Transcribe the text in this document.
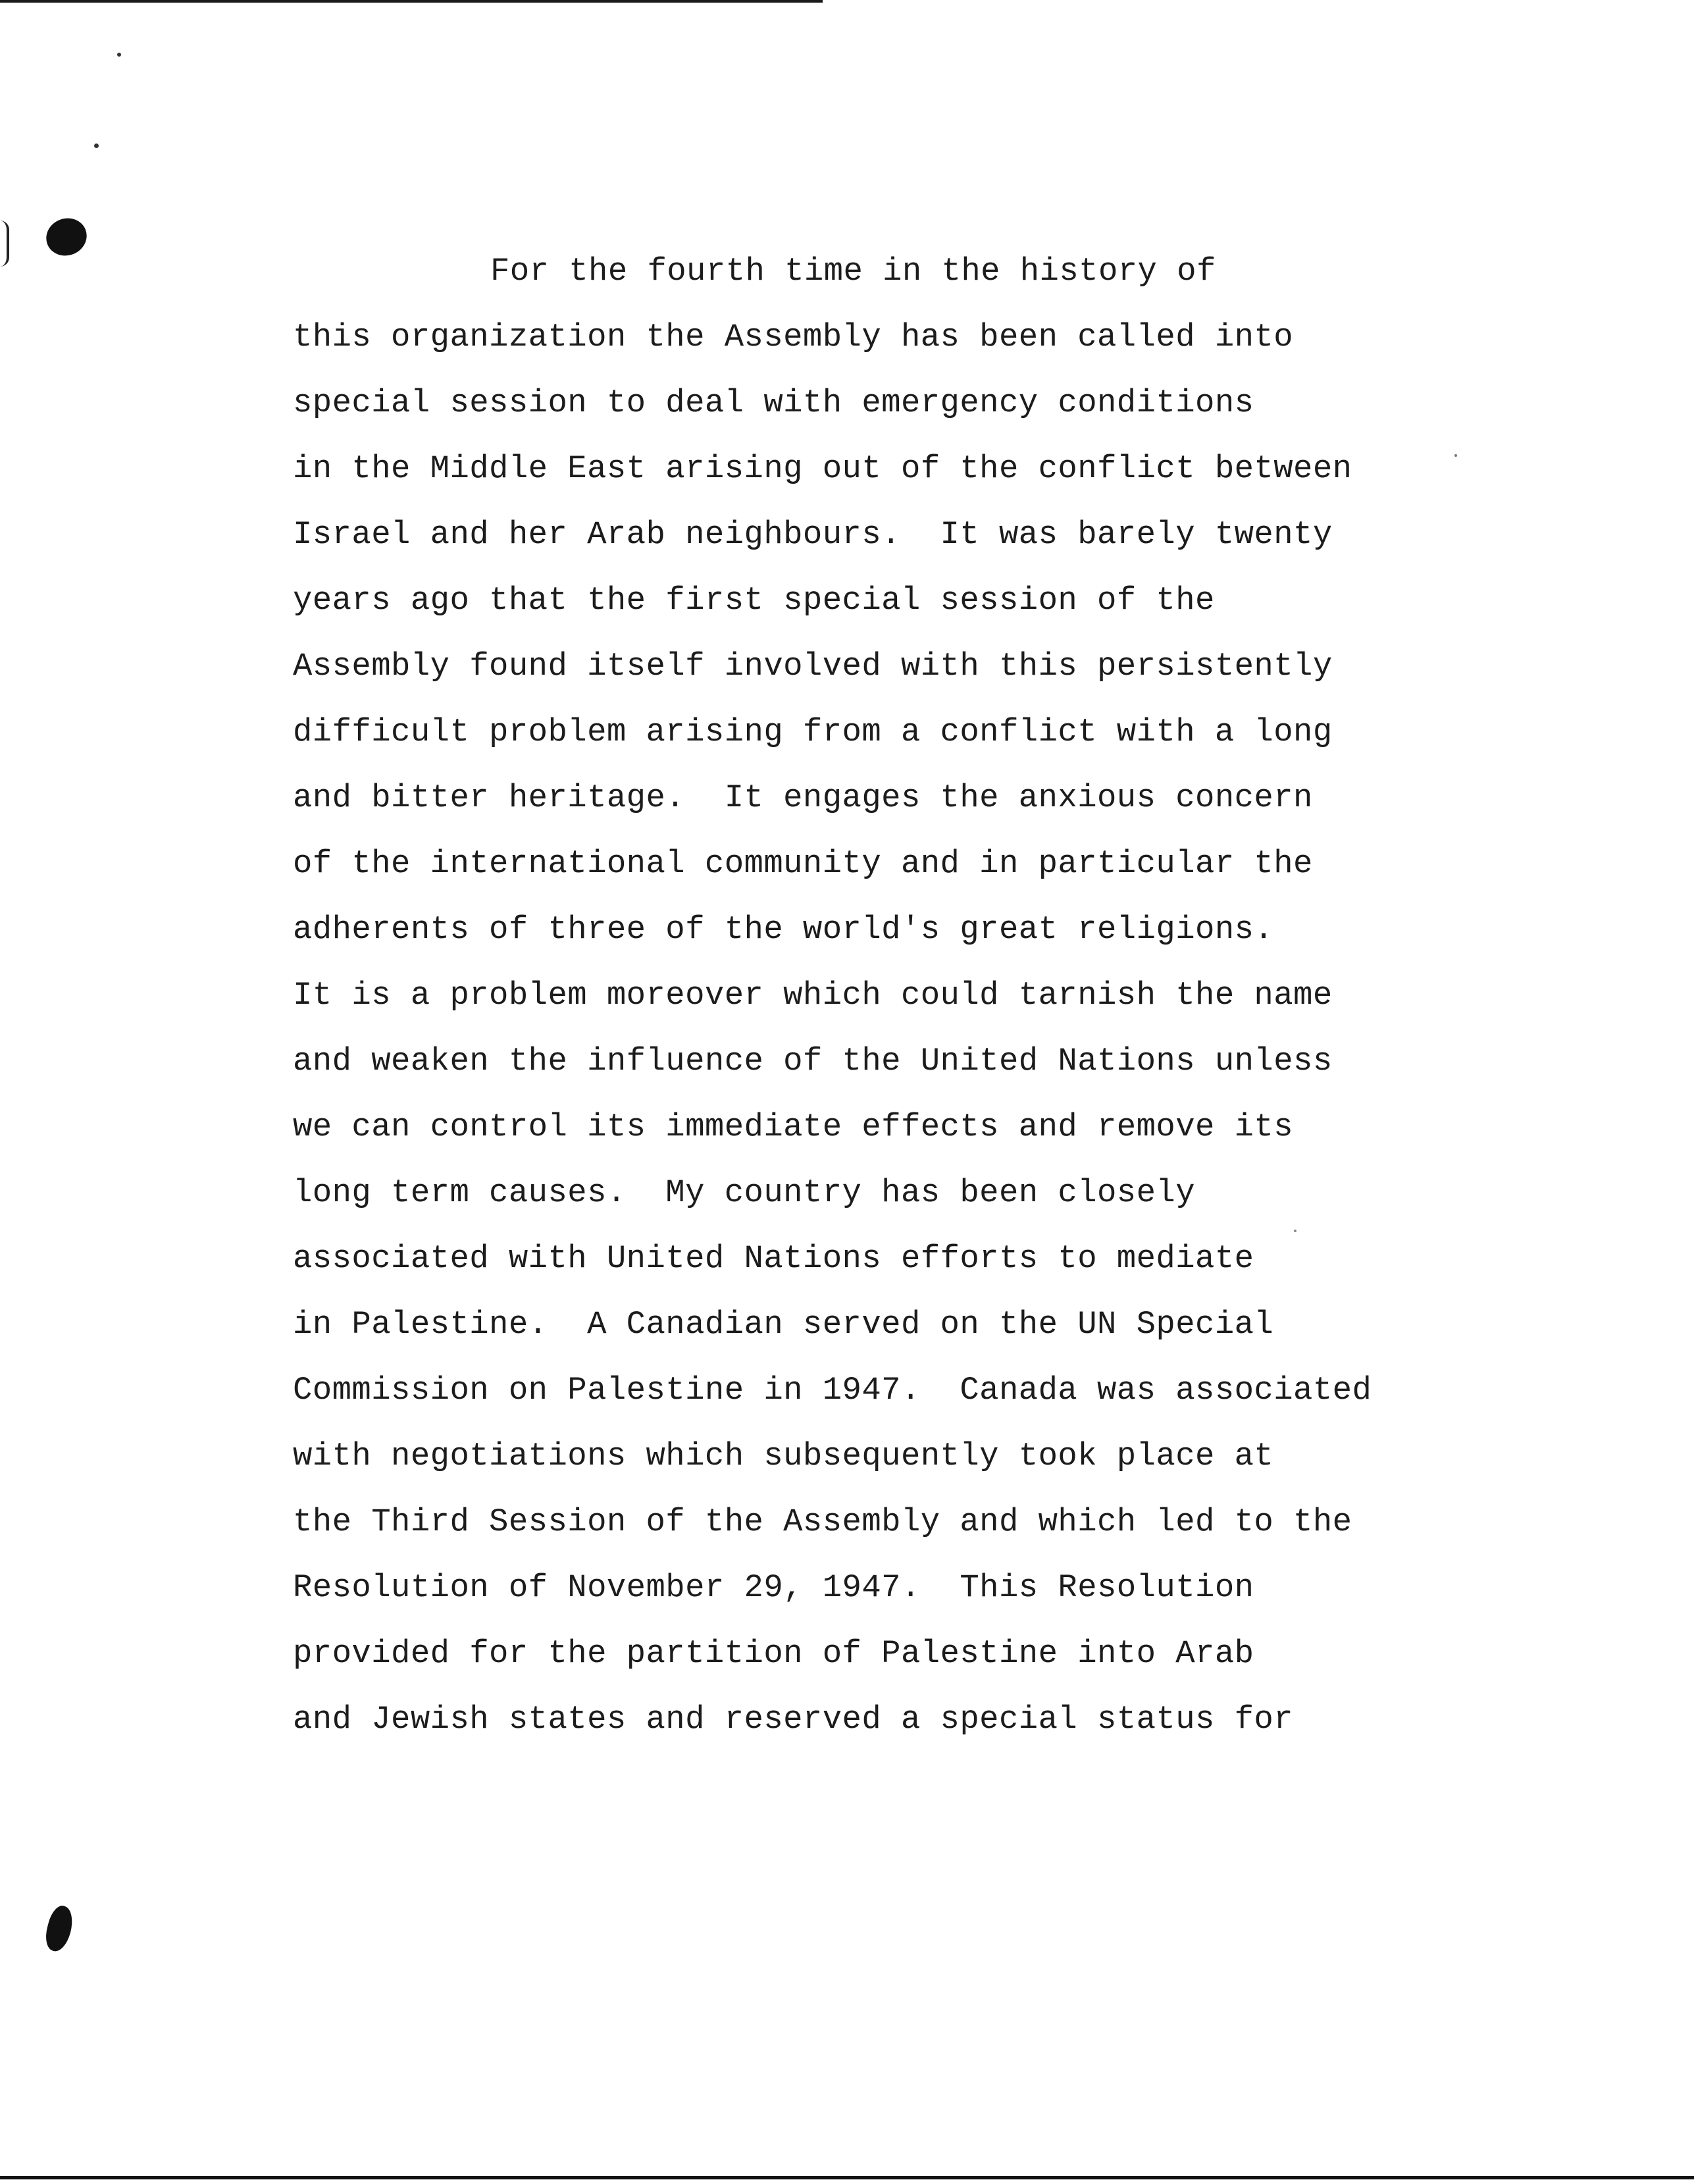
For the fourth time in the history of
this organization the Assembly has been called into
special session to deal with emergency conditions
in the Middle East arising out of the conflict between
Israel and her Arab neighbours.  It was barely twenty
years ago that the first special session of the
Assembly found itself involved with this persistently
difficult problem arising from a conflict with a long
and bitter heritage.  It engages the anxious concern
of the international community and in particular the
adherents of three of the world's great religions.
It is a problem moreover which could tarnish the name
and weaken the influence of the United Nations unless
we can control its immediate effects and remove its
long term causes.  My country has been closely
associated with United Nations efforts to mediate
in Palestine.  A Canadian served on the UN Special
Commission on Palestine in 1947.  Canada was associated
with negotiations which subsequently took place at
the Third Session of the Assembly and which led to the
Resolution of November 29, 1947.  This Resolution
provided for the partition of Palestine into Arab
and Jewish states and reserved a special status for
